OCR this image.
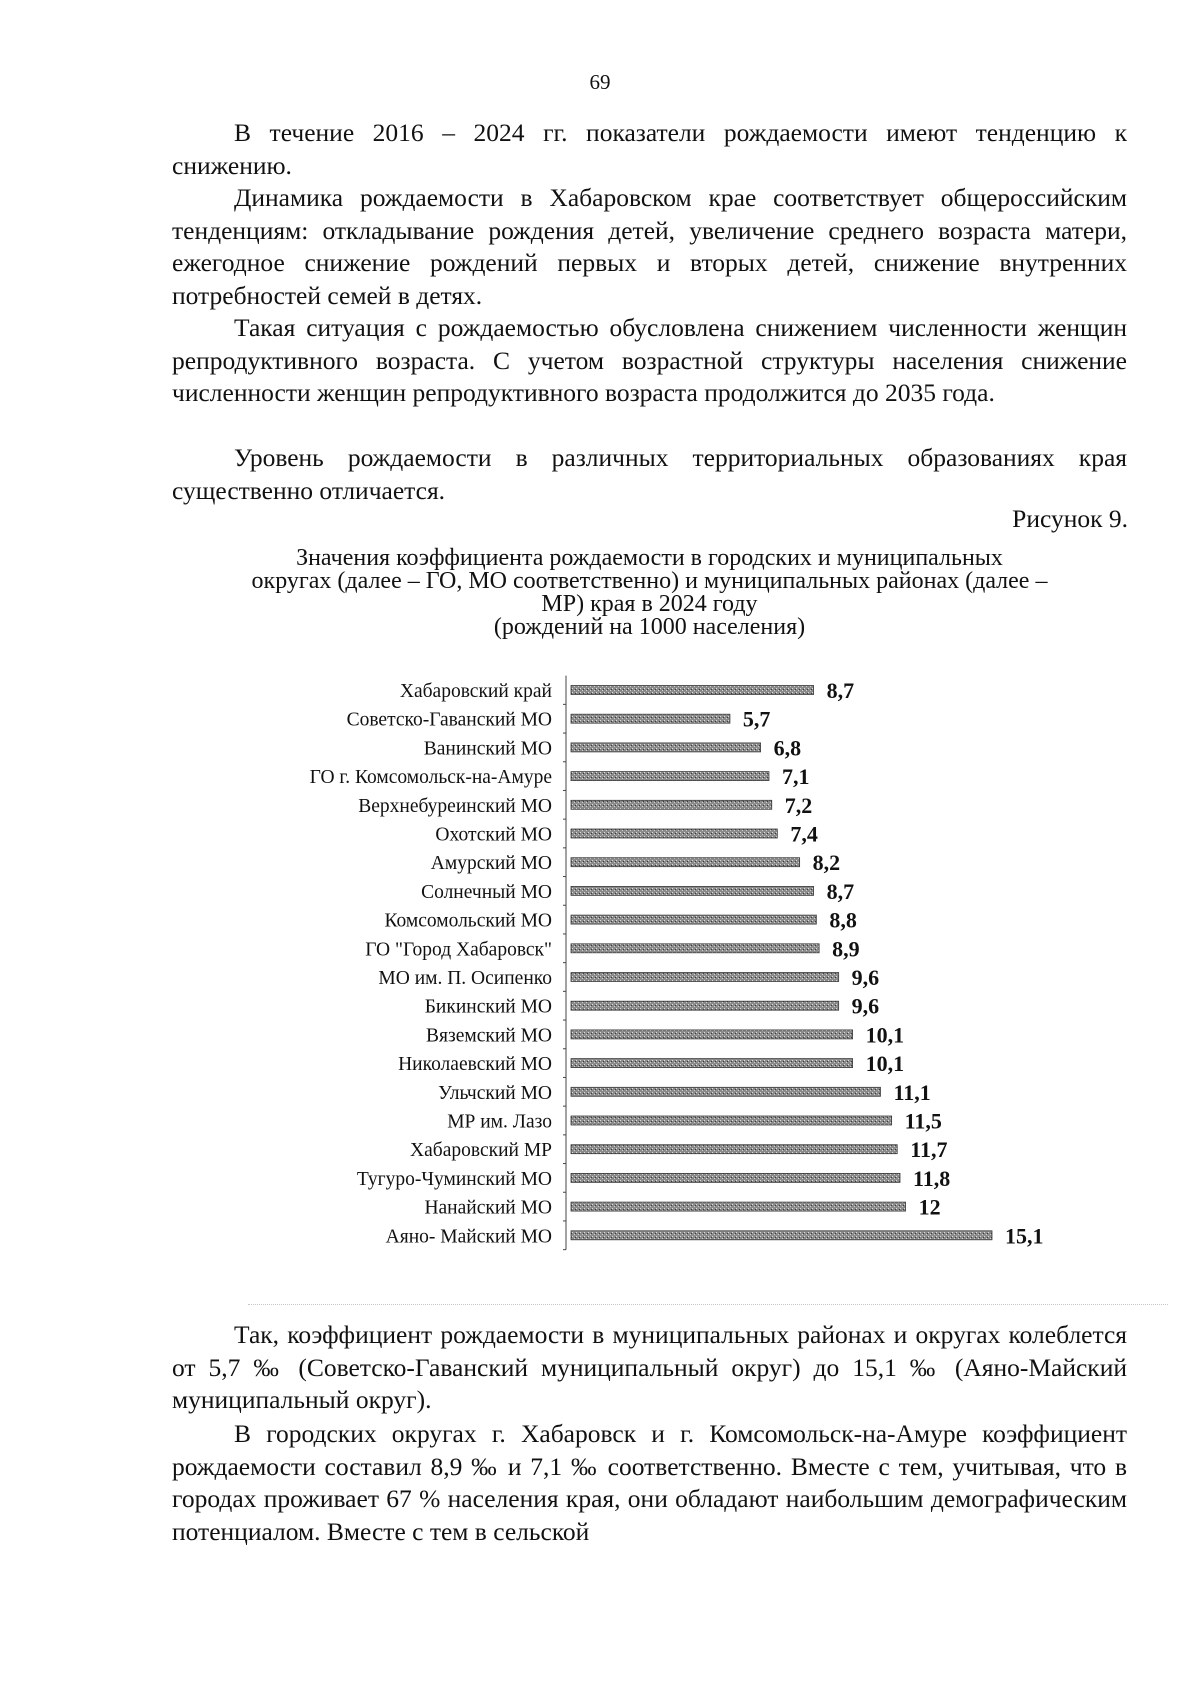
69

В течение 2016 – 2024 гг. показатели рождаемости имеют тенденцию к снижению.

Динамика рождаемости в Хабаровском крае соответствует общероссийским тенденциям: откладывание рождения детей, увеличение среднего возраста матери, ежегодное снижение рождений первых и вторых детей, снижение внутренних потребностей семей в детях.

Такая ситуация с рождаемостью обусловлена снижением численности женщин репродуктивного возраста. С учетом возрастной структуры населения снижение численности женщин репродуктивного возраста продолжится до 2035 года.

Уровень рождаемости в различных территориальных образованиях края существенно отличается.

Рисунок 9.
Значения коэффициента рождаемости в городских и муниципальных
округах (далее – ГО, МО соответственно) и муниципальных районах (далее –
МР) края в 2024 году
(рождений на 1000 населения)
Хабаровский край	8,7
Советско-Гаванский МО	5,7
Ванинский МО	6,8
ГО г. Комсомольск-на-Амуре	7,1
Верхнебуреинский МО	7,2
Охотский МО	7,4
Амурский МО	8,2
Солнечный МО	8,7
Комсомольский МО	8,8
ГО "Город Хабаровск"	8,9
МО им. П. Осипенко	9,6
Бикинский МО	9,6
Вяземский МО	10,1
Николаевский МО	10,1
Ульчский МО	11,1
МР им. Лазо	11,5
Хабаровский МР	11,7
Тугуро-Чуминский МО	11,8
Нанайский МО	12
Аяно- Майский МО	15,1

Так, коэффициент рождаемости в муниципальных районах и округах колеблется от 5,7 ‰ (Советско-Гаванский муниципальный округ) до 15,1 ‰ (Аяно-Майский муниципальный округ).

В городских округах г. Хабаровск и г. Комсомольск-на-Амуре коэффициент рождаемости составил 8,9 ‰ и 7,1 ‰ соответственно. Вместе с тем, учитывая, что в городах проживает 67 % населения края, они обладают наибольшим демографическим потенциалом. Вместе с тем в сельской
